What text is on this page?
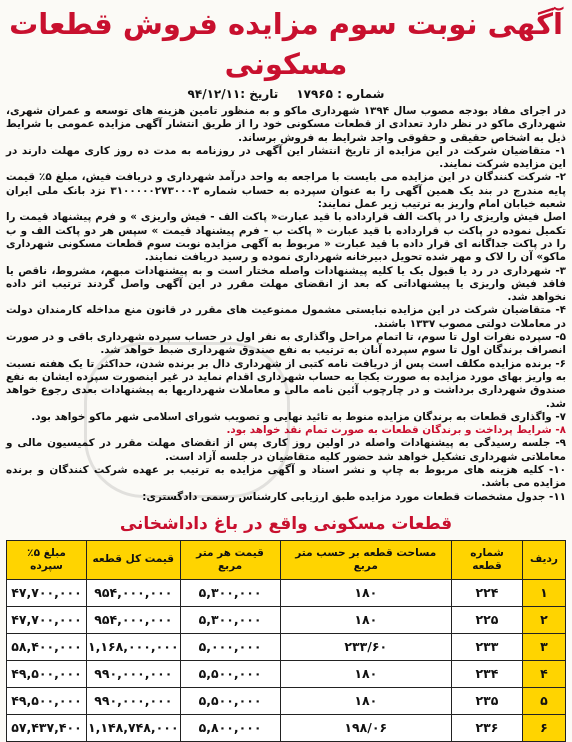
آگهی نوبت سوم مزایده فروش قطعات مسکونی
شماره : ۱۷۹۶۵
تاریخ :۹۴/۱۲/۱۱

در اجرای مفاد بودجه مصوب سال ۱۳۹۴ شهرداری ماکو و به منظور تامین هزینه های توسعه و عمران شهری، شهرداری ماکو در نظر دارد تعدادی از قطعات مسکونی خود را از طریق انتشار آگهی مزایده عمومی با شرایط ذیل به اشخاص حقیقی و حقوقی واجد شرایط به فروش برساند.

۱- متقاضیان شرکت در این مزایده از تاریخ انتشار این آگهی در روزنامه به مدت ده روز کاری مهلت دارند در این مزایده شرکت نمایند.

۲- شرکت کنندگان در این مزایده می بایست با مراجعه به واحد درآمد شهرداری و دریافت فیش، مبلغ ۵٪ قیمت پایه مندرج در بند یک همین آگهی را به عنوان سپرده به حساب شماره ۳۱۰۰۰۰۰۲۷۳۰۰۰۳ نزد بانک ملی ایران شعبه خیابان امام واریز به ترتیب زیر عمل نمایند:

اصل فیش واریزی را در پاکت الف قرارداده با قید عبارت« پاکت الف - فیش واریزی » و فرم پیشنهاد قیمت را تکمیل نموده در پاکت ب قرارداده با قید عبارت « پاکت ب - فرم پیشنهاد قیمت » سپس هر دو پاکت الف و ب را در پاکت جداگانه ای قرار داده با قید عبارت « مربوط به آگهی مزایده نوبت سوم قطعات مسکونی شهرداری ماکو» آن را لاک و مهر شده تحویل دبیرخانه شهرداری نموده و رسید دریافت نمایند.

۳- شهرداری در رد یا قبول یک یا کلیه پیشنهادات واصله مختار است و به پیشنهادات مبهم، مشروط، ناقص یا فاقد فیش واریزی یا پیشنهاداتی که بعد از انقضای مهلت مقرر در این آگهی واصل گردند ترتیب اثر داده نخواهد شد.

۴- متقاضیان شرکت در این مزایده نبایستی مشمول ممنوعیت های مقرر در قانون منع مداخله کارمندان دولت در معاملات دولتی مصوب ۱۳۳۷ باشند.

۵- سپرده نفرات اول تا سوم، تا اتمام مراحل واگذاری به نفر اول در حساب سپرده شهرداری باقی و در صورت انصراف برندگان اول تا سوم سپرده آنان به ترتیب به نفع صندوق شهرداری ضبط خواهد شد.

۶- برنده مزایده مکلف است پس از دریافت نامه کتبی از شهرداری دال بر برنده شدن، حداکثر تا یک هفته نسبت به واریز بهای مورد مزایده به صورت یکجا به حساب شهرداری اقدام نماید در غیر اینصورت سپرده ایشان به نفع صندوق شهرداری برداشت و در چارچوب آئین نامه مالی و معاملات شهرداریها به پیشنهادات بعدی رجوع خواهد شد.

۷- واگذاری قطعات به برندگان مزایده منوط به تائید نهایی و تصویب شورای اسلامی شهر ماکو خواهد بود.

۸- شرایط پرداخت و برندگان قطعات به صورت تمام نقد خواهد بود.

۹- جلسه رسیدگی به پیشنهادات واصله در اولین روز کاری پس از انقضای مهلت مقرر در کمیسیون مالی و معاملاتی شهرداری تشکیل خواهد شد حضور کلیه متقاضیان در جلسه آزاد است.

۱۰- کلیه هزینه های مربوط به چاپ و نشر اسناد و آگهی مزایده به ترتیب بر عهده شرکت کنندگان و برنده مزایده می باشد.

۱۱- جدول مشخصات قطعات مورد مزایده طبق ارزیابی کارشناس رسمی دادگستری:

قطعات مسکونی واقع در باغ داداشخانی
ردیف	شماره قطعه	مساحت قطعه بر حسب متر مربع	قیمت هر متر مربع	قیمت کل قطعه	مبلغ ۵٪ سپرده
۱	۲۲۴	۱۸۰	۵,۳۰۰,۰۰۰	۹۵۴,۰۰۰,۰۰۰	۴۷,۷۰۰,۰۰۰
۲	۲۲۵	۱۸۰	۵,۳۰۰,۰۰۰	۹۵۴,۰۰۰,۰۰۰	۴۷,۷۰۰,۰۰۰
۳	۲۳۳	۲۳۳/۶۰	۵,۰۰۰,۰۰۰	۱,۱۶۸,۰۰۰,۰۰۰	۵۸,۴۰۰,۰۰۰
۴	۲۳۴	۱۸۰	۵,۵۰۰,۰۰۰	۹۹۰,۰۰۰,۰۰۰	۴۹,۵۰۰,۰۰۰
۵	۲۳۵	۱۸۰	۵,۵۰۰,۰۰۰	۹۹۰,۰۰۰,۰۰۰	۴۹,۵۰۰,۰۰۰
۶	۲۳۶	۱۹۸/۰۶	۵,۸۰۰,۰۰۰	۱,۱۴۸,۷۴۸,۰۰۰	۵۷,۴۳۷,۴۰۰
